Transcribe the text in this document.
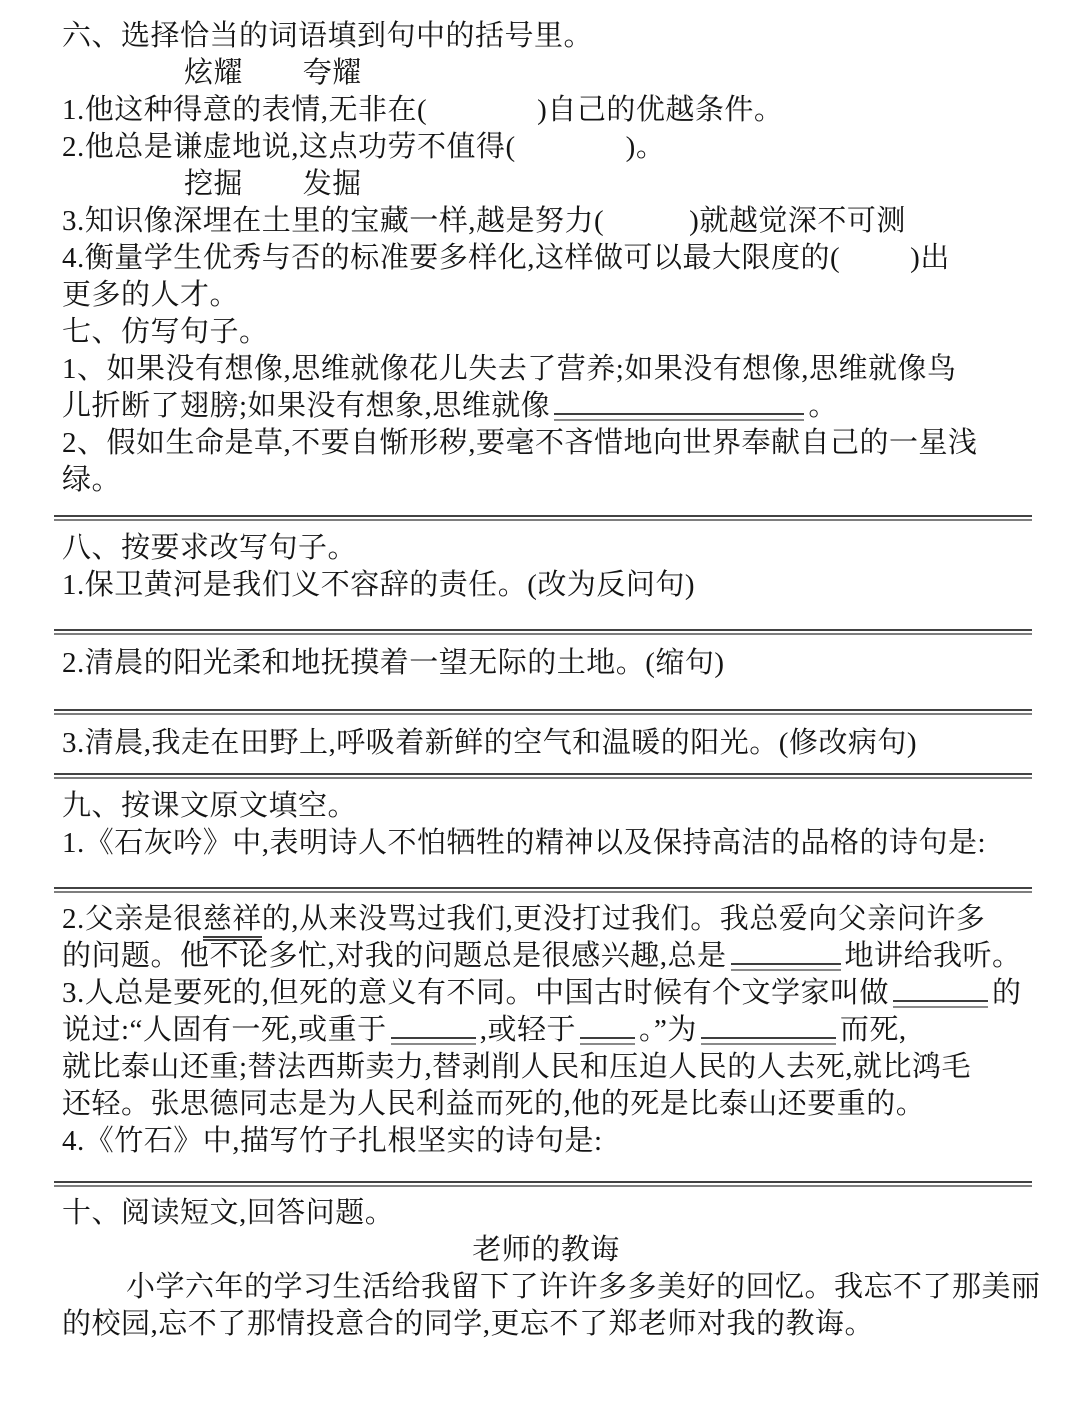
六、选择恰当的词语填到句中的括号里。
炫耀 夸耀
1.他这种得意的表情,无非在(	)自己的优越条件。
2.他总是谦虚地说,这点功劳不值得(	)。
挖掘 发掘
3.知识像深埋在土里的宝藏一样,越是努力(	)就越觉深不可测
4.衡量学生优秀与否的标准要多样化,这样做可以最大限度的( )出
更多的人才。
七、仿写句子。
1、如果没有想像,思维就像花儿失去了营养;如果没有想像,思维就像鸟
儿折断了翅膀;如果没有想象,思维就像	。
2、假如生命是草,不要自惭形秽,要毫不吝惜地向世界奉献自己的一星浅
绿。
八、按要求改写句子。
1.保卫黄河是我们义不容辞的责任。(改为反问句)
2.清晨的阳光柔和地抚摸着一望无际的土地。(缩句)
3.清晨,我走在田野上,呼吸着新鲜的空气和温暖的阳光。(修改病句)
九、按课文原文填空。
1.《石灰吟》中,表明诗人不怕牺牲的精神以及保持高洁的品格的诗句是:
2.父亲是很慈祥的,从来没骂过我们,更没打过我们。我总爱向父亲问许多
的问题。他不论多忙,对我的问题总是很感兴趣,总是	地讲给我听。
3.人总是要死的,但死的意义有不同。中国古时候有个文学家叫做	的
说过:“人固有一死,或重于	,或轻于 。”为	而死,
就比泰山还重;替法西斯卖力,替剥削人民和压迫人民的人去死,就比鸿毛
还轻。张思德同志是为人民利益而死的,他的死是比泰山还要重的。
4.《竹石》中,描写竹子扎根坚实的诗句是:
十、阅读短文,回答问题。
老师的教诲
小学六年的学习生活给我留下了许许多多美好的回忆。我忘不了那美丽
的校园,忘不了那情投意合的同学,更忘不了郑老师对我的教诲。
